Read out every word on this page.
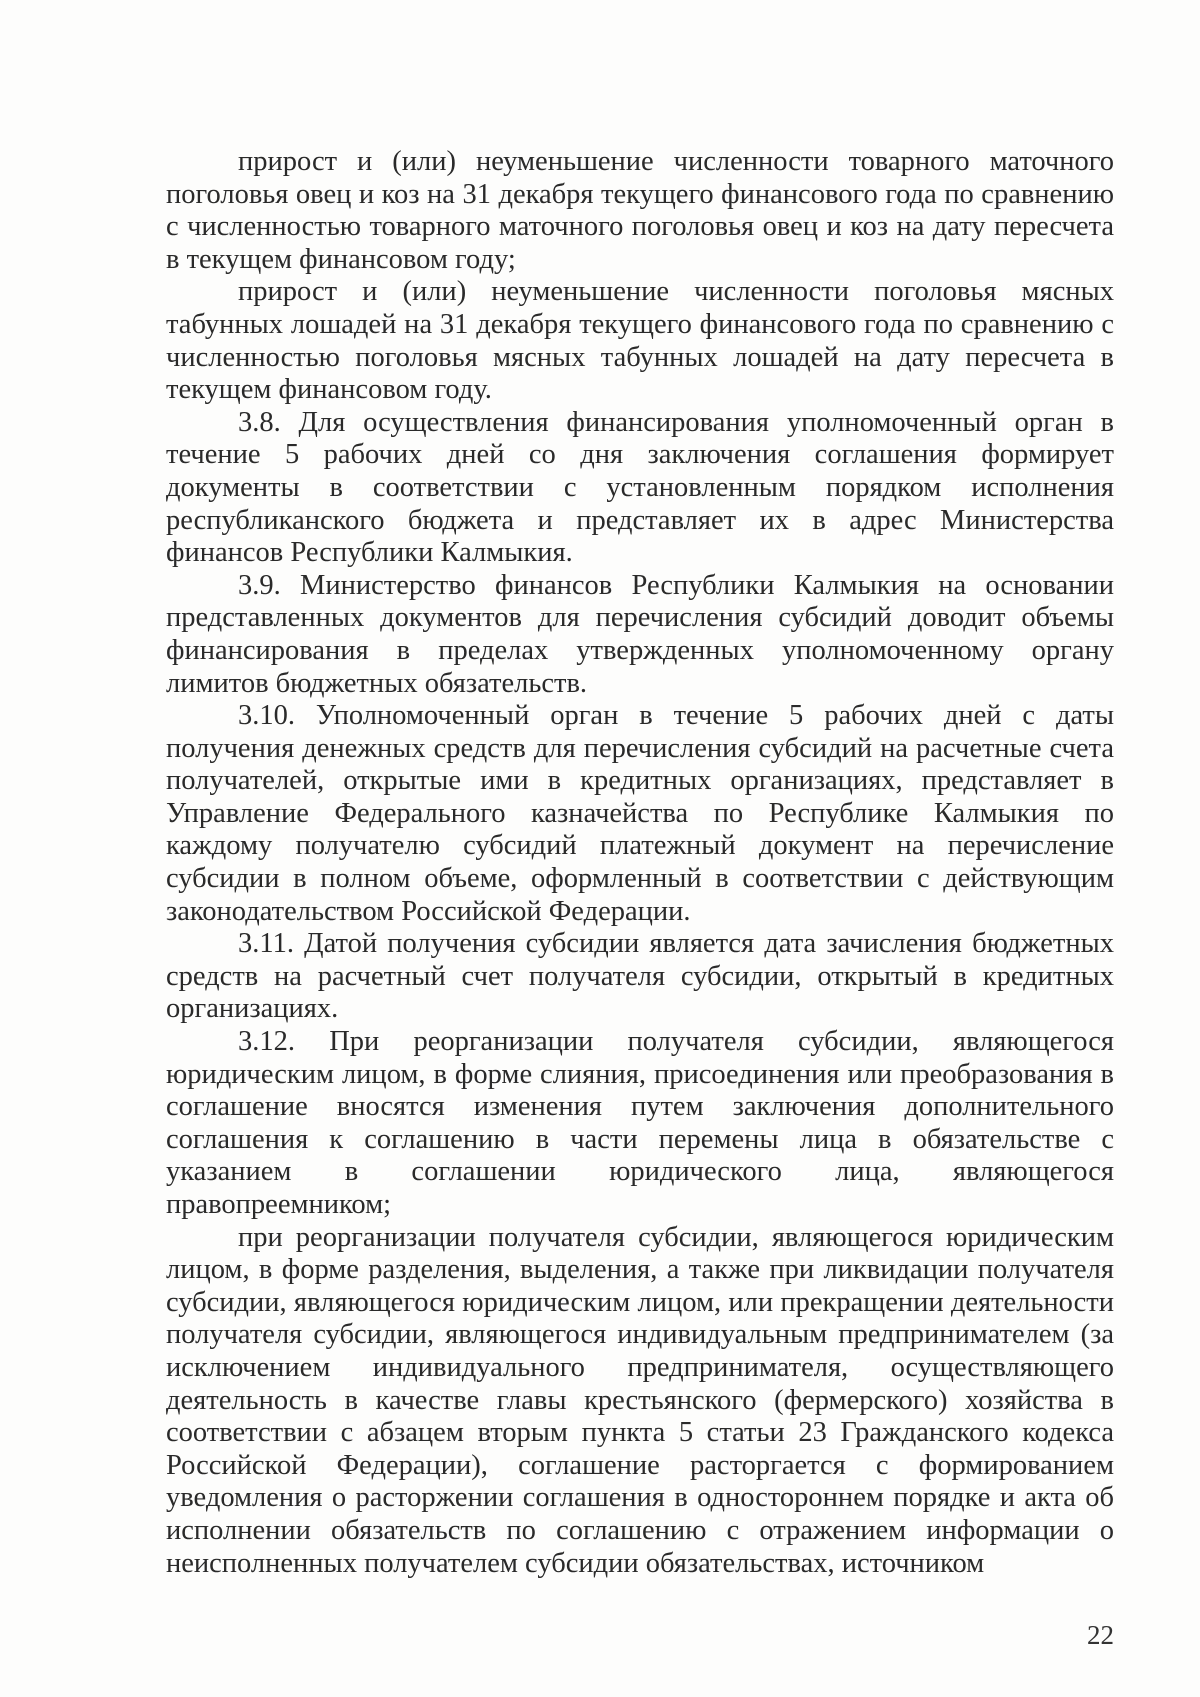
прирост и (или) неуменьшение численности товарного маточного поголовья овец и коз на 31 декабря текущего финансового года по сравнению с численностью товарного маточного поголовья овец и коз на дату пересчета в текущем финансовом году;

прирост и (или) неуменьшение численности поголовья мясных табунных лошадей на 31 декабря текущего финансового года по сравнению с численностью поголовья мясных табунных лошадей на дату пересчета в текущем финансовом году.

3.8. Для осуществления финансирования уполномоченный орган в течение 5 рабочих дней со дня заключения соглашения формирует документы в соответствии с установленным порядком исполнения республиканского бюджета и представляет их в адрес Министерства финансов Республики Калмыкия.

3.9. Министерство финансов Республики Калмыкия на основании представленных документов для перечисления субсидий доводит объемы финансирования в пределах утвержденных уполномоченному органу лимитов бюджетных обязательств.

3.10. Уполномоченный орган в течение 5 рабочих дней с даты получения денежных средств для перечисления субсидий на расчетные счета получателей, открытые ими в кредитных организациях, представляет в Управление Федерального казначейства по Республике Калмыкия по каждому получателю субсидий платежный документ на перечисление субсидии в полном объеме, оформленный в соответствии с действующим законодательством Российской Федерации.

3.11. Датой получения субсидии является дата зачисления бюджетных средств на расчетный счет получателя субсидии, открытый в кредитных организациях.

3.12. При реорганизации получателя субсидии, являющегося юридическим лицом, в форме слияния, присоединения или преобразования в соглашение вносятся изменения путем заключения дополнительного соглашения к соглашению в части перемены лица в обязательстве с указанием в соглашении юридического лица, являющегося правопреемником;

при реорганизации получателя субсидии, являющегося юридическим лицом, в форме разделения, выделения, а также при ликвидации получателя субсидии, являющегося юридическим лицом, или прекращении деятельности получателя субсидии, являющегося индивидуальным предпринимателем (за исключением индивидуального предпринимателя, осуществляющего деятельность в качестве главы крестьянского (фермерского) хозяйства в соответствии с абзацем вторым пункта 5 статьи 23 Гражданского кодекса Российской Федерации), соглашение расторгается с формированием уведомления о расторжении соглашения в одностороннем порядке и акта об исполнении обязательств по соглашению с отражением информации о неисполненных получателем субсидии обязательствах, источником

22
